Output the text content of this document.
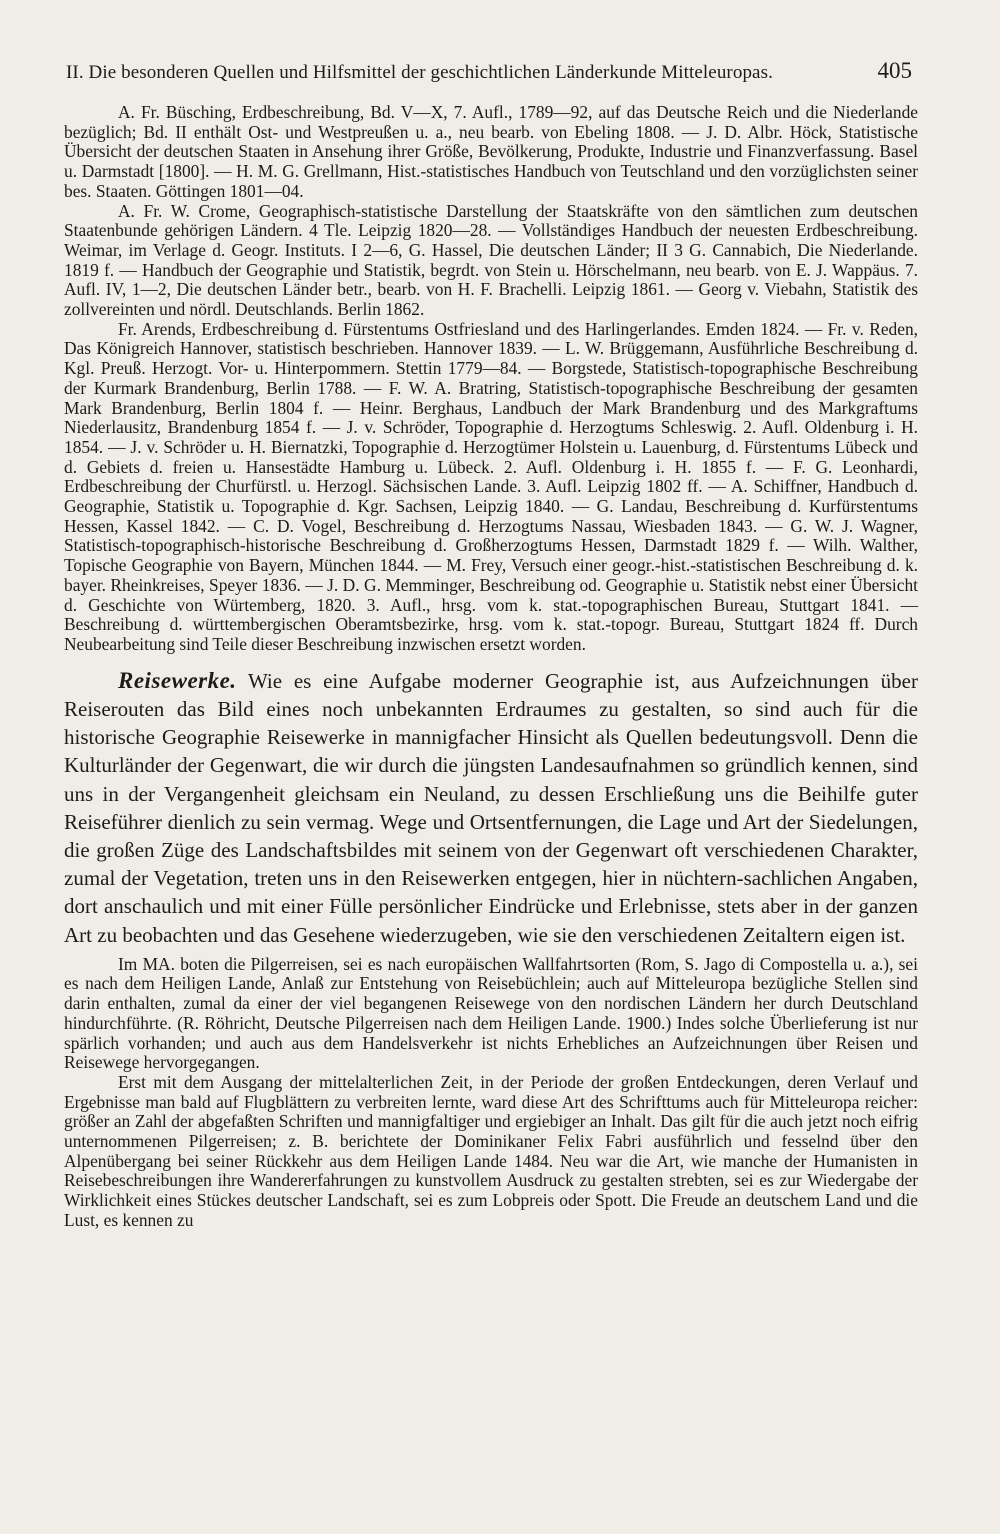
II. Die besonderen Quellen und Hilfsmittel der geschichtlichen Länderkunde Mitteleuropas.	405

A. Fr. Büsching, Erdbeschreibung, Bd. V—X, 7. Aufl., 1789—92, auf das Deutsche Reich und die Niederlande bezüglich; Bd. II enthält Ost- und Westpreußen u. a., neu bearb. von Ebeling 1808. — J. D. Albr. Höck, Statistische Übersicht der deutschen Staaten in Ansehung ihrer Größe, Bevölkerung, Produkte, Industrie und Finanzverfassung. Basel u. Darmstadt [1800]. — H. M. G. Grellmann, Hist.-statistisches Handbuch von Teutschland und den vorzüglichsten seiner bes. Staaten. Göttingen 1801—04.

A. Fr. W. Crome, Geographisch-statistische Darstellung der Staatskräfte von den sämtlichen zum deutschen Staatenbunde gehörigen Ländern. 4 Tle. Leipzig 1820—28. — Vollständiges Handbuch der neuesten Erdbeschreibung. Weimar, im Verlage d. Geogr. Instituts. I 2—6, G. Hassel, Die deutschen Länder; II 3 G. Cannabich, Die Niederlande. 1819 f. — Handbuch der Geographie und Statistik, begrdt. von Stein u. Hörschelmann, neu bearb. von E. J. Wappäus. 7. Aufl. IV, 1—2, Die deutschen Länder betr., bearb. von H. F. Brachelli. Leipzig 1861. — Georg v. Viebahn, Statistik des zollvereinten und nördl. Deutschlands. Berlin 1862.

Fr. Arends, Erdbeschreibung d. Fürstentums Ostfriesland und des Harlingerlandes. Emden 1824. — Fr. v. Reden, Das Königreich Hannover, statistisch beschrieben. Hannover 1839. — L. W. Brüggemann, Ausführliche Beschreibung d. Kgl. Preuß. Herzogt. Vor- u. Hinterpommern. Stettin 1779—84. — Borgstede, Statistisch-topographische Beschreibung der Kurmark Brandenburg, Berlin 1788. — F. W. A. Bratring, Statistisch-topographische Beschreibung der gesamten Mark Brandenburg, Berlin 1804 f. — Heinr. Berghaus, Landbuch der Mark Brandenburg und des Markgraftums Niederlausitz, Brandenburg 1854 f. — J. v. Schröder, Topographie d. Herzogtums Schleswig. 2. Aufl. Oldenburg i. H. 1854. — J. v. Schröder u. H. Biernatzki, Topographie d. Herzogtümer Holstein u. Lauenburg, d. Fürstentums Lübeck und d. Gebiets d. freien u. Hansestädte Hamburg u. Lübeck. 2. Aufl. Oldenburg i. H. 1855 f. — F. G. Leonhardi, Erdbeschreibung der Churfürstl. u. Herzogl. Sächsischen Lande. 3. Aufl. Leipzig 1802 ff. — A. Schiffner, Handbuch d. Geographie, Statistik u. Topographie d. Kgr. Sachsen, Leipzig 1840. — G. Landau, Beschreibung d. Kurfürstentums Hessen, Kassel 1842. — C. D. Vogel, Beschreibung d. Herzogtums Nassau, Wiesbaden 1843. — G. W. J. Wagner, Statistisch-topographisch-historische Beschreibung d. Großherzogtums Hessen, Darmstadt 1829 f. — Wilh. Walther, Topische Geographie von Bayern, München 1844. — M. Frey, Versuch einer geogr.-hist.-statistischen Beschreibung d. k. bayer. Rheinkreises, Speyer 1836. — J. D. G. Memminger, Beschreibung od. Geographie u. Statistik nebst einer Übersicht d. Geschichte von Würtemberg, 1820. 3. Aufl., hrsg. vom k. stat.-topographischen Bureau, Stuttgart 1841. — Beschreibung d. württembergischen Oberamtsbezirke, hrsg. vom k. stat.-topogr. Bureau, Stuttgart 1824 ff. Durch Neubearbeitung sind Teile dieser Beschreibung inzwischen ersetzt worden.

Reisewerke. Wie es eine Aufgabe moderner Geographie ist, aus Aufzeichnungen über Reiserouten das Bild eines noch unbekannten Erdraumes zu gestalten, so sind auch für die historische Geographie Reisewerke in mannigfacher Hinsicht als Quellen bedeutungsvoll. Denn die Kulturländer der Gegenwart, die wir durch die jüngsten Landesaufnahmen so gründlich kennen, sind uns in der Vergangenheit gleichsam ein Neuland, zu dessen Erschließung uns die Beihilfe guter Reiseführer dienlich zu sein vermag. Wege und Ortsentfernungen, die Lage und Art der Siedelungen, die großen Züge des Landschaftsbildes mit seinem von der Gegenwart oft verschiedenen Charakter, zumal der Vegetation, treten uns in den Reisewerken entgegen, hier in nüchtern-sachlichen Angaben, dort anschaulich und mit einer Fülle persönlicher Eindrücke und Erlebnisse, stets aber in der ganzen Art zu beobachten und das Gesehene wiederzugeben, wie sie den verschiedenen Zeitaltern eigen ist.

Im MA. boten die Pilgerreisen, sei es nach europäischen Wallfahrtsorten (Rom, S. Jago di Compostella u. a.), sei es nach dem Heiligen Lande, Anlaß zur Entstehung von Reisebüchlein; auch auf Mitteleuropa bezügliche Stellen sind darin enthalten, zumal da einer der viel begangenen Reisewege von den nordischen Ländern her durch Deutschland hindurchführte. (R. Röhricht, Deutsche Pilgerreisen nach dem Heiligen Lande. 1900.) Indes solche Überlieferung ist nur spärlich vorhanden; und auch aus dem Handelsverkehr ist nichts Erhebliches an Aufzeichnungen über Reisen und Reisewege hervorgegangen.

Erst mit dem Ausgang der mittelalterlichen Zeit, in der Periode der großen Entdeckungen, deren Verlauf und Ergebnisse man bald auf Flugblättern zu verbreiten lernte, ward diese Art des Schrifttums auch für Mitteleuropa reicher: größer an Zahl der abgefaßten Schriften und mannigfaltiger und ergiebiger an Inhalt. Das gilt für die auch jetzt noch eifrig unternommenen Pilgerreisen; z. B. berichtete der Dominikaner Felix Fabri ausführlich und fesselnd über den Alpenübergang bei seiner Rückkehr aus dem Heiligen Lande 1484. Neu war die Art, wie manche der Humanisten in Reisebeschreibungen ihre Wandererfahrungen zu kunstvollem Ausdruck zu gestalten strebten, sei es zur Wiedergabe der Wirklichkeit eines Stückes deutscher Landschaft, sei es zum Lobpreis oder Spott. Die Freude an deutschem Land und die Lust, es kennen zu
